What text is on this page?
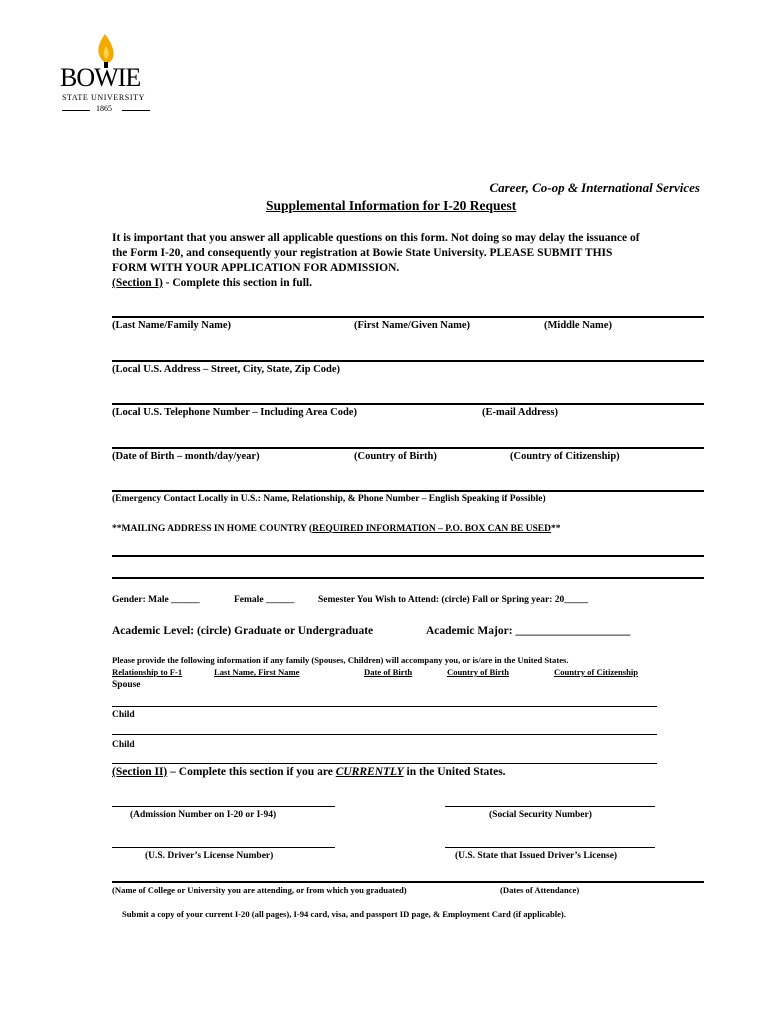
BOWIE
STATE UNIVERSITY
1865
Career, Co-op & International Services
Supplemental Information for I-20 Request
It is important that you answer all applicable questions on this form. Not doing so may delay the issuance of
the Form I-20, and consequently your registration at Bowie State University. PLEASE SUBMIT THIS
FORM WITH YOUR APPLICATION FOR ADMISSION.
(Section I) - Complete this section in full.
(Last Name/Family Name)	(First Name/Given Name)	(Middle Name)
(Local U.S. Address – Street, City, State, Zip Code)
(Local U.S. Telephone Number – Including Area Code)	(E-mail Address)
(Date of Birth – month/day/year)	(Country of Birth)	(Country of Citizenship)
(Emergency Contact Locally in U.S.: Name, Relationship, & Phone Number – English Speaking if Possible)
**MAILING ADDRESS IN HOME COUNTRY (REQUIRED INFORMATION – P.O. BOX CAN BE USED**
Gender: Male ______	Female ______ Semester You Wish to Attend: (circle) Fall or Spring year: 20_____
Academic Level: (circle) Graduate or Undergraduate	Academic Major: ____________________
Please provide the following information if any family (Spouses, Children) will accompany you, or is/are in the United States.
Relationship to F-1	Last Name, First Name	Date of Birth	Country of Birth	Country of Citizenship
Spouse
Child
Child
(Section II) – Complete this section if you are CURRENTLY in the United States.
(Admission Number on I-20 or I-94)	(Social Security Number)
(U.S. Driver’s License Number)	(U.S. State that Issued Driver’s License)
(Name of College or University you are attending, or from which you graduated)	(Dates of Attendance)
Submit a copy of your current I-20 (all pages), I-94 card, visa, and passport ID page, & Employment Card (if applicable).
